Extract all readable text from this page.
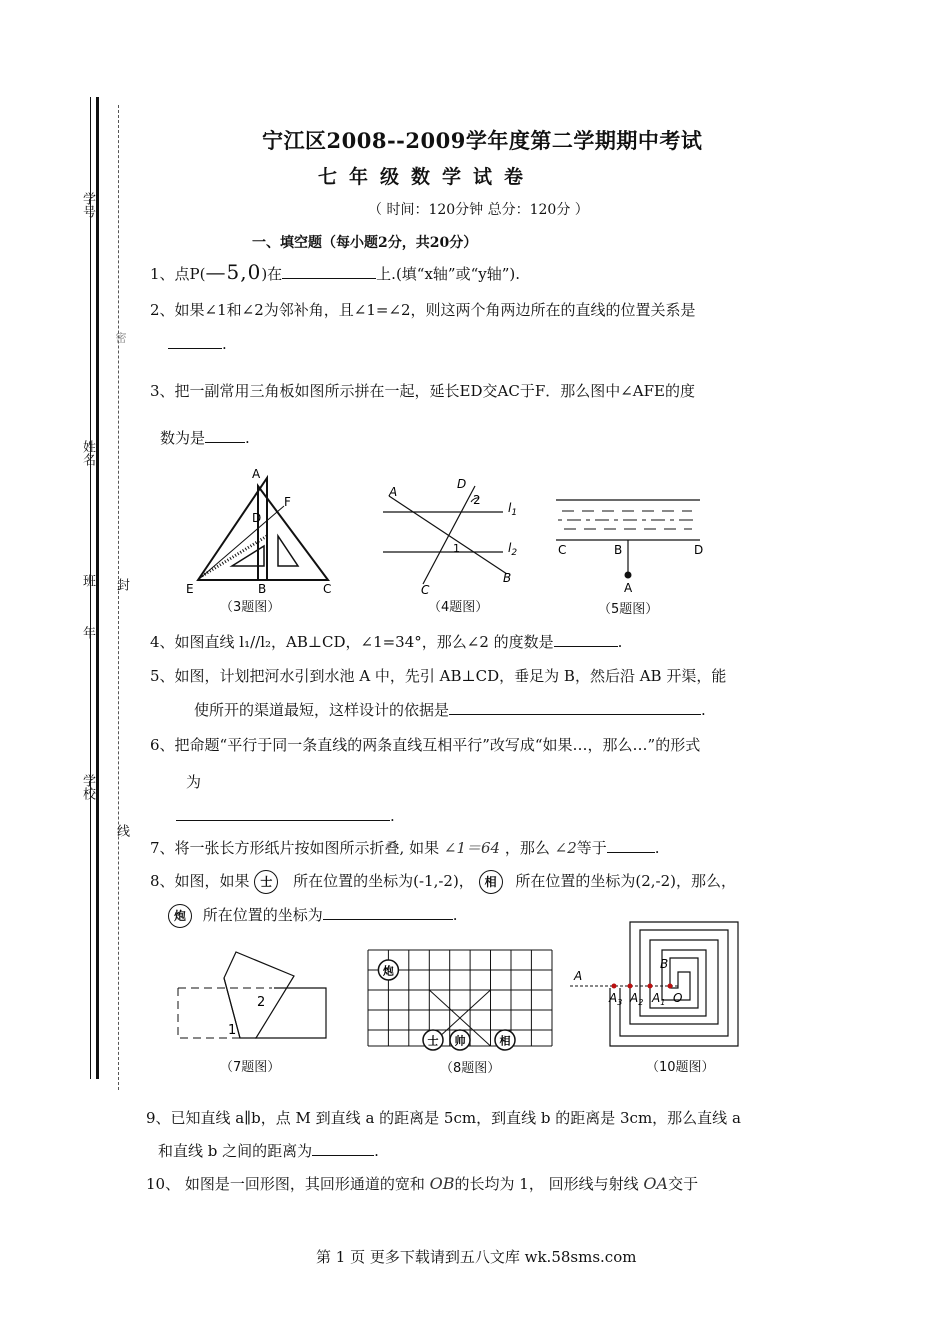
学号
姓名
年
班
学校
密
封
线
宁江区2008--2009学年度第二学期期中考试
七年级数学试卷
（ 时间：120分钟 总分：120分 ）
一、填空题（每小题2分，共20分）
1、点P(—5,0)在	上.(填“x轴”或“y轴”).
2、如果∠1和∠2为邻补角，且∠1=∠2，则这两个角两边所在的直线的位置关系是
.
3、把一副常用三角板如图所示拼在一起，延长ED交AC于F．那么图中∠AFE的度
数为是	.
A
F
D
E	B	C
（3题图）
A
D
2
$l_1$
1	$l_2$
C
B
（4题图）
C	B	D
A
（5题图）
4、如图直线 l₁//l₂，AB⊥CD，∠1=34°，那么∠2 的度数是	.
5、如图，计划把河水引到水池 A 中，先引 AB⊥CD，垂足为 B，然后沿 AB 开渠，能
使所开的渠道最短，这样设计的依据是	.
6、把命题“平行于同一条直线的两条直线互相平行”改写成“如果…，那么…”的形式
为
.
7、将一张长方形纸片按如图所示折叠, 如果 ∠1＝64 ，那么 ∠2等于	.
8、如图，如果 士 所在位置的坐标为(-1,-2)， 相 所在位置的坐标为(2,-2)，那么，
炮 所在位置的坐标为	.
1
2
（7题图）
炮
士 帅	相
（8题图）
A
B
$A_3$ $A_2$ $A_1$ O
（10题图）
9、已知直线 a∥b，点 M 到直线 a 的距离是 5cm，到直线 b 的距离是 3cm，那么直线 a
和直线 b 之间的距离为	.
10、 如图是一回形图，其回形通道的宽和 OB的长均为 1， 回形线与射线 OA交于
第 1 页 更多下载请到五八文库 wk.58sms.com
